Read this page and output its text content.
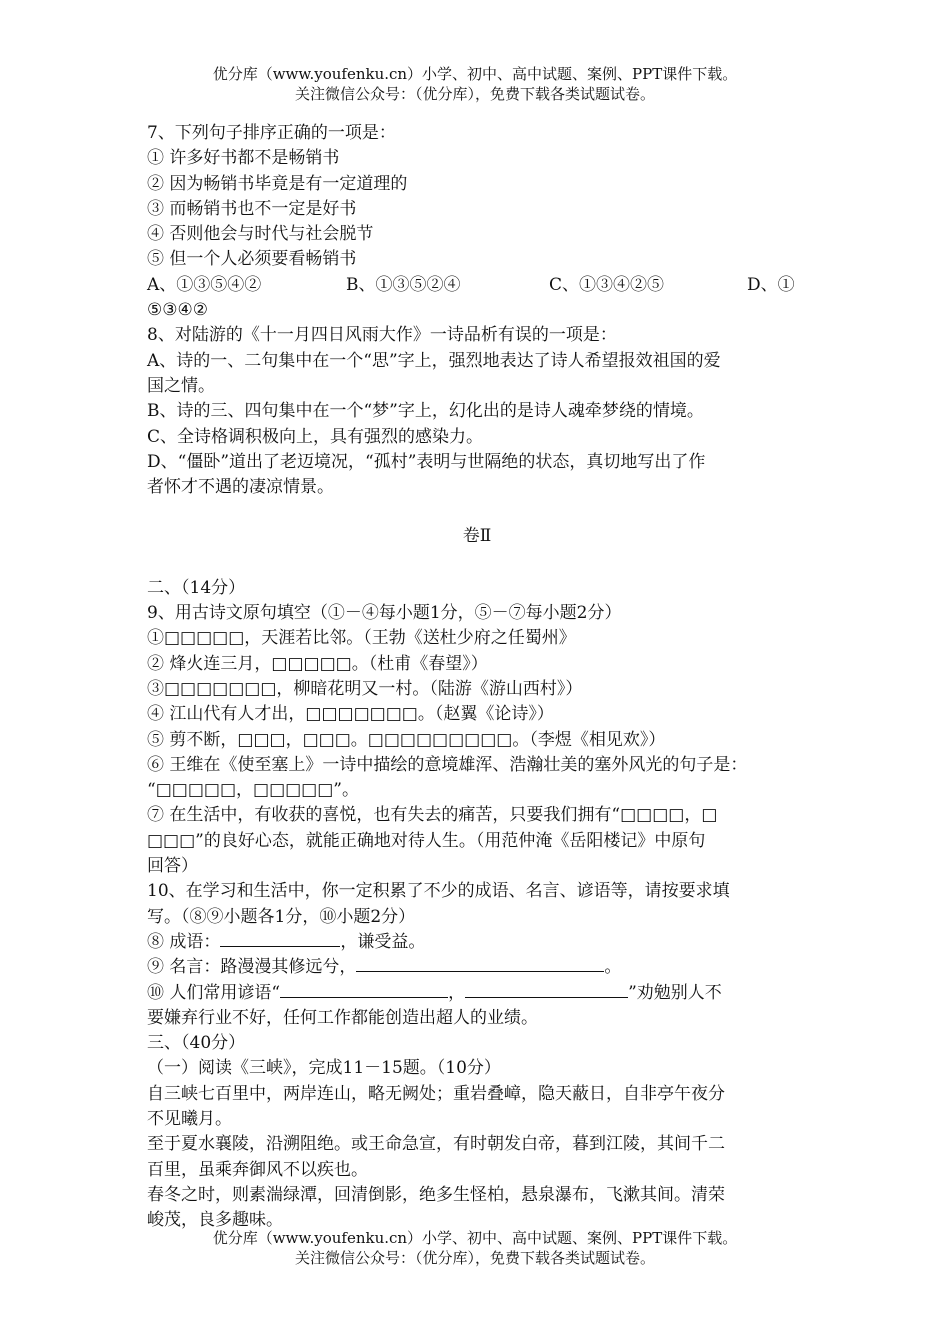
优分库（www.youfenku.cn）小学、初中、高中试题、案例、PPT课件下载。
关注微信公众号：（优分库），免费下载各类试题试卷。

7、下列句子排序正确的一项是：

① 许多好书都不是畅销书

② 因为畅销书毕竟是有一定道理的

③ 而畅销书也不一定是好书

④ 否则他会与时代与社会脱节

⑤ 但一个人必须要看畅销书

A、①③⑤④②	B、①③⑤②④	C、①③④②⑤	D、①

⑤③④②

8、对陆游的《十一月四日风雨大作》一诗品析有误的一项是：

A、诗的一、二句集中在一个“思”字上，强烈地表达了诗人希望报效祖国的爱

国之情。

B、诗的三、四句集中在一个“梦”字上，幻化出的是诗人魂牵梦绕的情境。

C、全诗格调积极向上，具有强烈的感染力。

D、“僵卧”道出了老迈境况，“孤村”表明与世隔绝的状态，真切地写出了作

者怀才不遇的凄凉情景。

卷Ⅱ

二、（14分）

9、用古诗文原句填空（①－④每小题1分，⑤－⑦每小题2分）

①□□□□□，天涯若比邻。（王勃《送杜少府之任蜀州》

② 烽火连三月，□□□□□。（杜甫《春望》）

③□□□□□□□，柳暗花明又一村。（陆游《游山西村》）

④ 江山代有人才出，□□□□□□□。（赵翼《论诗》）

⑤ 剪不断，□□□，□□□。□□□□□□□□□。（李煜《相见欢》）

⑥ 王维在《使至塞上》一诗中描绘的意境雄浑、浩瀚壮美的塞外风光的句子是：

“□□□□□，□□□□□”。

⑦ 在生活中，有收获的喜悦，也有失去的痛苦，只要我们拥有“□□□□，□

□□□”的良好心态，就能正确地对待人生。（用范仲淹《岳阳楼记》中原句

回答）

10、在学习和生活中，你一定积累了不少的成语、名言、谚语等，请按要求填

写。（⑧⑨小题各1分，⑩小题2分）

⑧ 成语：	，谦受益。

⑨ 名言：路漫漫其修远兮，	。

⑩ 人们常用谚语“	，	”劝勉别人不

要嫌弃行业不好，任何工作都能创造出超人的业绩。

三、（40分）

（一）阅读《三峡》，完成11－15题。（10分）

自三峡七百里中，两岸连山，略无阙处；重岩叠嶂，隐天蔽日，自非亭午夜分

不见曦月。

至于夏水襄陵，沿溯阻绝。或王命急宣，有时朝发白帝，暮到江陵，其间千二

百里，虽乘奔御风不以疾也。

春冬之时，则素湍绿潭，回清倒影，绝多生怪柏，悬泉瀑布，飞漱其间。清荣

峻茂，良多趣味。

优分库（www.youfenku.cn）小学、初中、高中试题、案例、PPT课件下载。
关注微信公众号：（优分库），免费下载各类试题试卷。
